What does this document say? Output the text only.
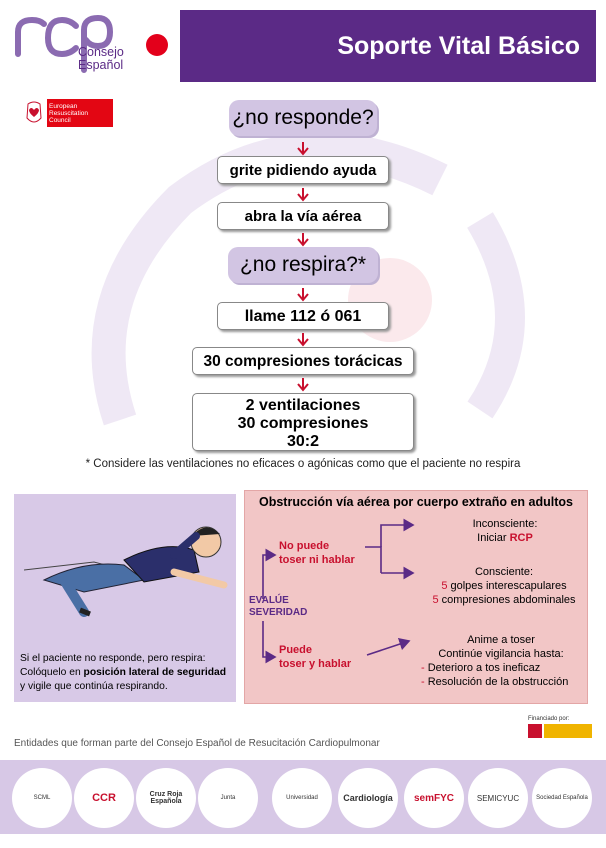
Consejo
Español
Soporte Vital Básico
European
Resuscitation
Council	¿no responde?
grite pidiendo ayuda
abra la vía aérea
¿no respira?*
llame 112 ó 061
30 compresiones torácicas
2 ventilaciones
30 compresiones
30:2
* Considere las ventilaciones no eficaces o agónicas como que el paciente no respira
Si el paciente no responde, pero respira:
Colóquelo en posición lateral de seguridad
y vigile que continúa respirando.
Obstrucción vía aérea por cuerpo extraño en adultos
EVALÚE
SEVERIDAD
No puede
toser ni hablar
Puede
toser y hablar
Inconsciente:
Iniciar RCP
Consciente:
5 golpes interescapulares
5 compresiones abdominales
Anime a toser
Continúe vigilancia hasta:
- Deterioro a tos ineficaz
- Resolución de la obstrucción
Entidades que forman parte del Consejo Español de Resucitación Cardiopulmonar
Financiado por:
SCML	CCR	Cruz Roja Española	Junta	Universidad	Cardiología semFYC	SEMICYUC	Sociedad Española
